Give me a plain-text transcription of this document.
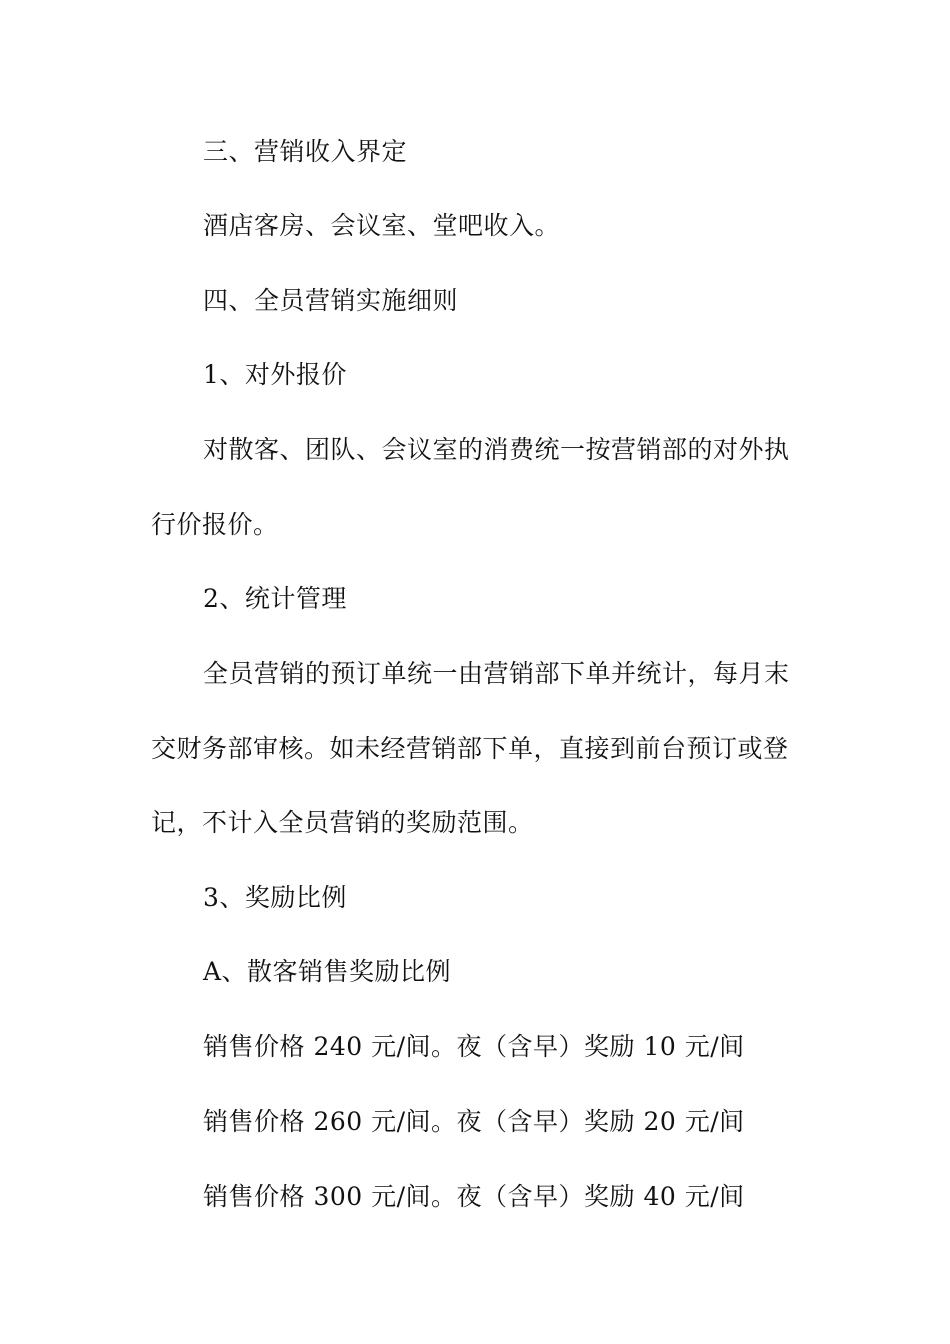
三、营销收入界定

酒店客房、会议室、堂吧收入。

四、全员营销实施细则

1、对外报价

对散客、团队、会议室的消费统一按营销部的对外执

行价报价。

2、统计管理

全员营销的预订单统一由营销部下单并统计，每月末

交财务部审核。如未经营销部下单，直接到前台预订或登

记，不计入全员营销的奖励范围。

3、奖励比例

A、散客销售奖励比例

销售价格 240 元/间。夜（含早）奖励 10 元/间

销售价格 260 元/间。夜（含早）奖励 20 元/间

销售价格 300 元/间。夜（含早）奖励 40 元/间
